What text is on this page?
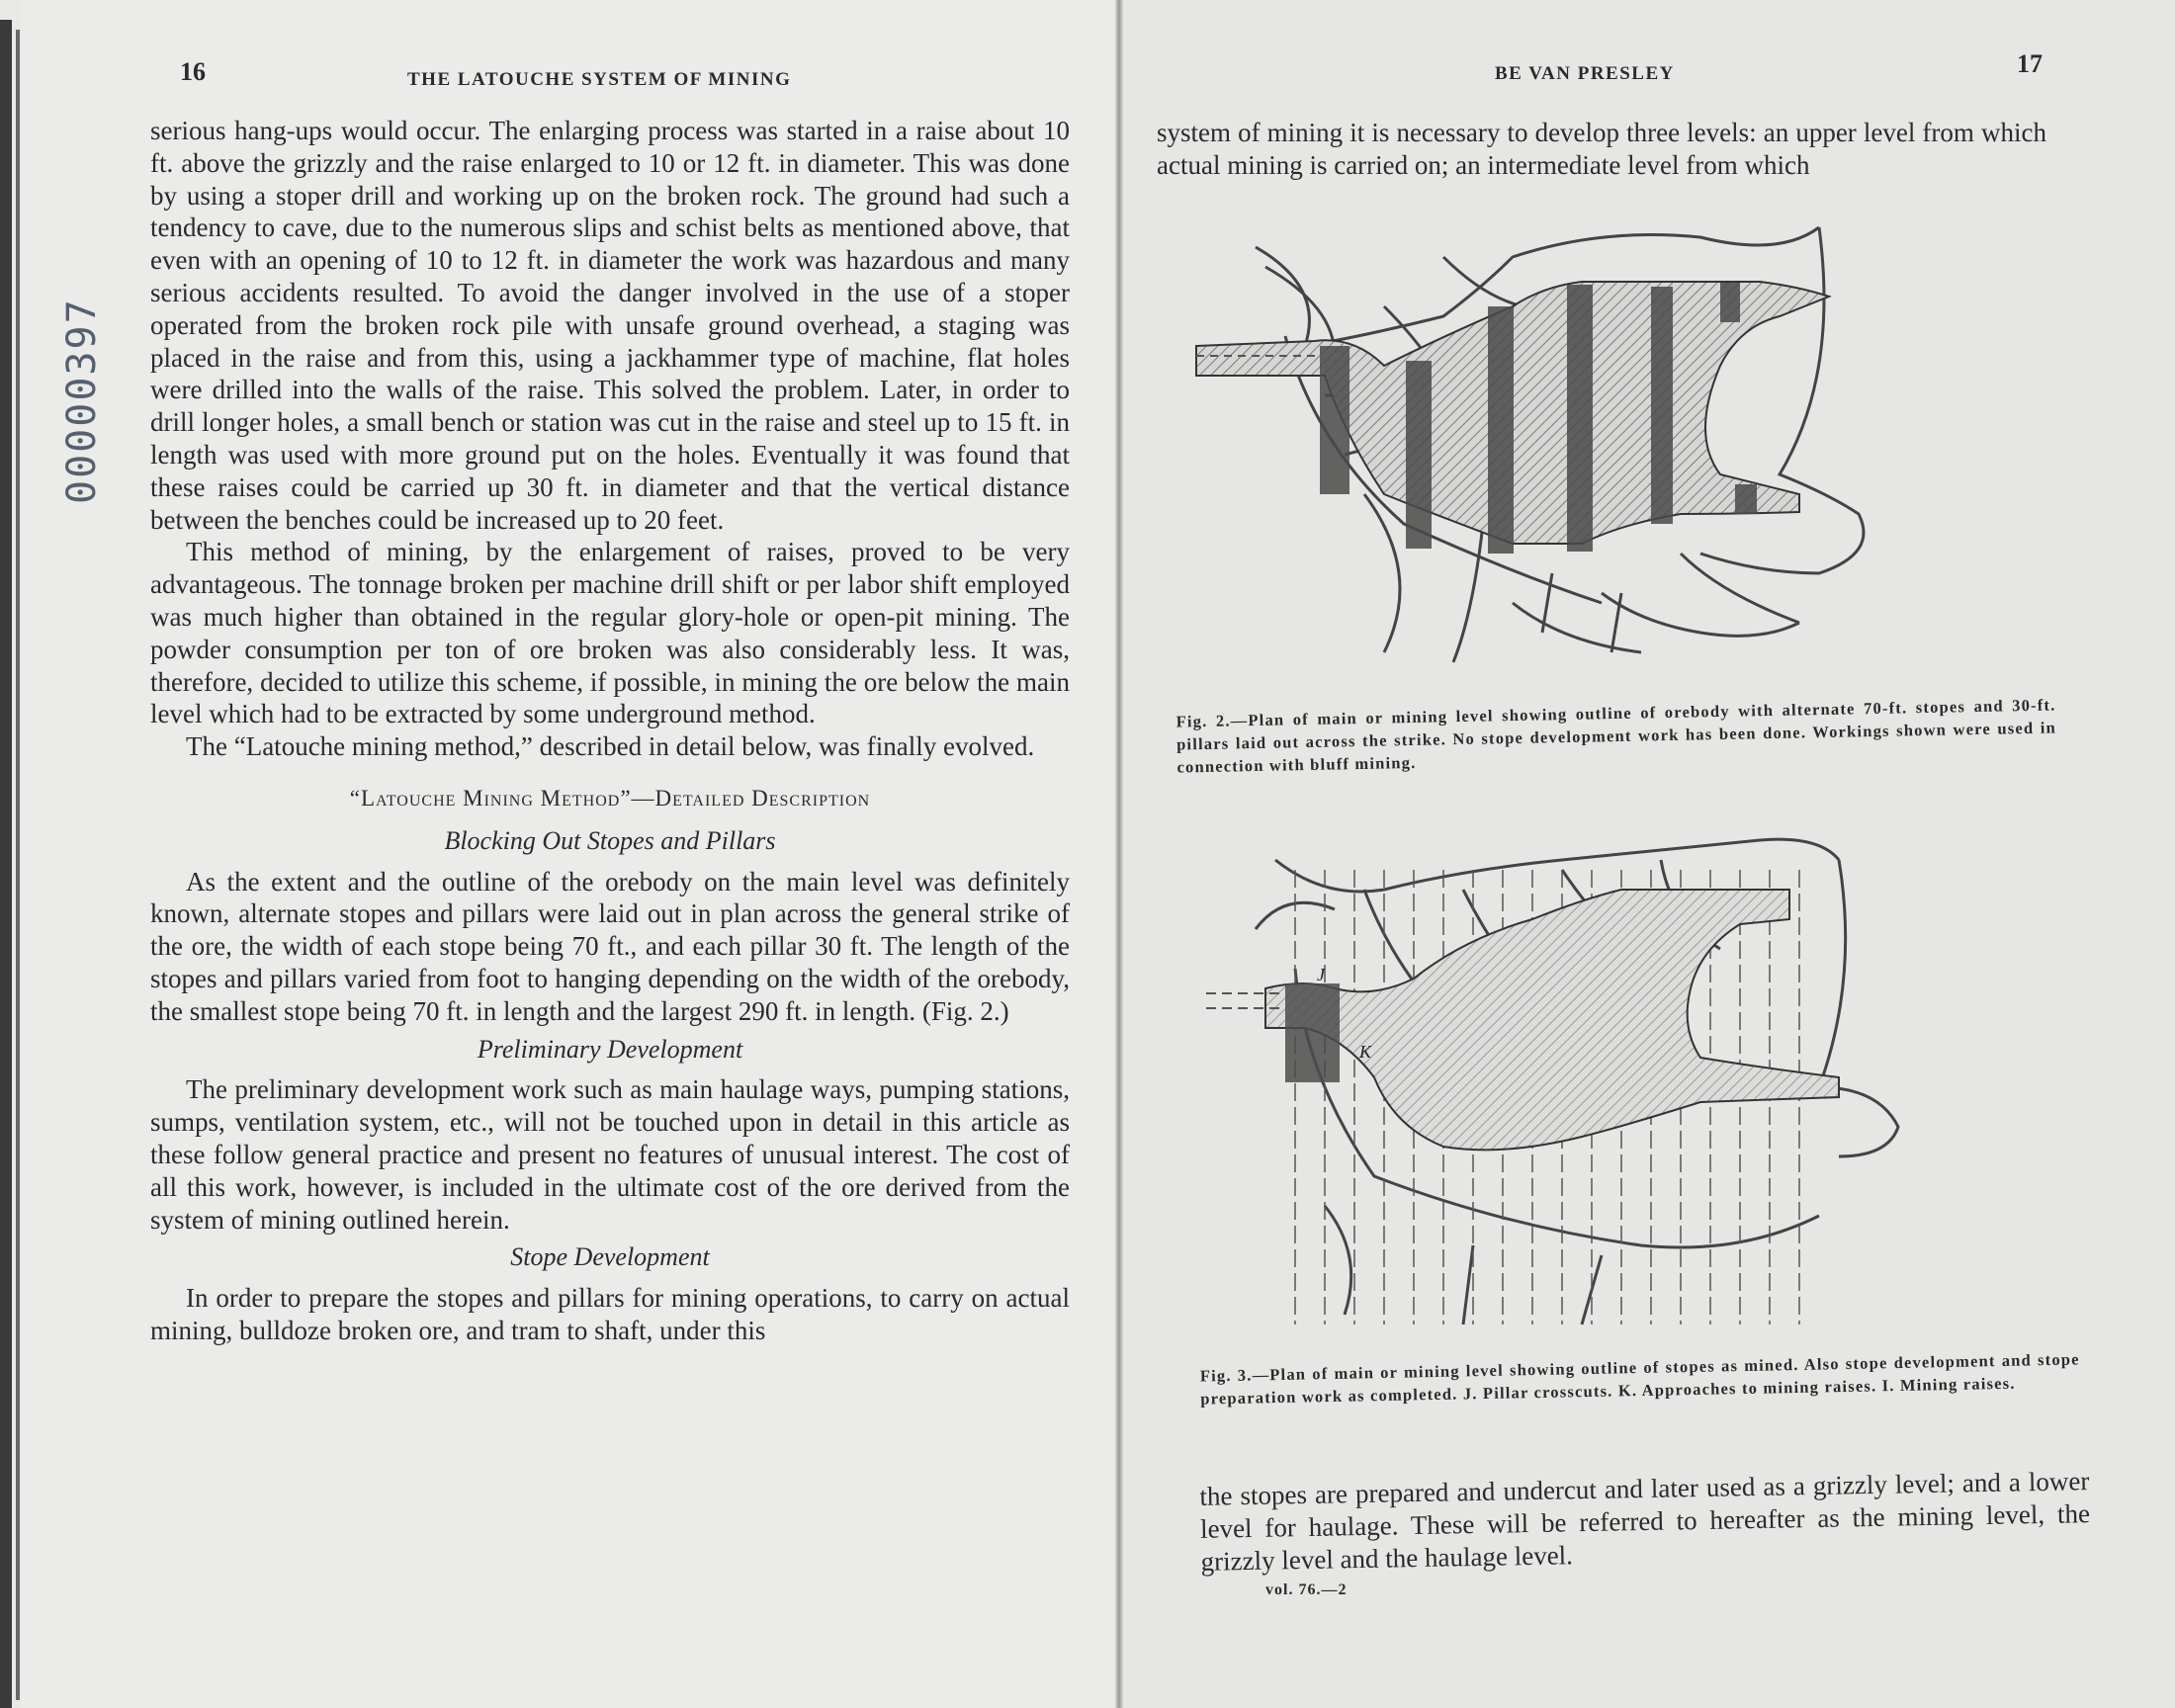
00000397
16	THE LATOUCHE SYSTEM OF MINING

serious hang-ups would occur. The enlarging process was started in a raise about 10 ft. above the grizzly and the raise enlarged to 10 or 12 ft. in diameter. This was done by using a stoper drill and working up on the broken rock. The ground had such a tendency to cave, due to the numerous slips and schist belts as mentioned above, that even with an opening of 10 to 12 ft. in diameter the work was hazardous and many serious accidents resulted. To avoid the danger involved in the use of a stoper operated from the broken rock pile with unsafe ground overhead, a staging was placed in the raise and from this, using a jackhammer type of machine, flat holes were drilled into the walls of the raise. This solved the problem. Later, in order to drill longer holes, a small bench or station was cut in the raise and steel up to 15 ft. in length was used with more ground put on the holes. Eventually it was found that these raises could be carried up 30 ft. in diameter and that the vertical distance between the benches could be increased up to 20 feet.

This method of mining, by the enlargement of raises, proved to be very advantageous. The tonnage broken per machine drill shift or per labor shift employed was much higher than obtained in the regular glory-hole or open-pit mining. The powder consumption per ton of ore broken was also considerably less. It was, therefore, decided to utilize this scheme, if possible, in mining the ore below the main level which had to be extracted by some underground method.

The “Latouche mining method,” described in detail below, was finally evolved.

“Latouche Mining Method”—Detailed Description
Blocking Out Stopes and Pillars

As the extent and the outline of the orebody on the main level was definitely known, alternate stopes and pillars were laid out in plan across the general strike of the ore, the width of each stope being 70 ft., and each pillar 30 ft. The length of the stopes and pillars varied from foot to hanging depending on the width of the orebody, the smallest stope being 70 ft. in length and the largest 290 ft. in length. (Fig. 2.)

Preliminary Development

The preliminary development work such as main haulage ways, pumping stations, sumps, ventilation system, etc., will not be touched upon in detail in this article as these follow general practice and present no features of unusual interest. The cost of all this work, however, is included in the ultimate cost of the ore derived from the system of mining outlined herein.

Stope Development

In order to prepare the stopes and pillars for mining operations, to carry on actual mining, bulldoze broken ore, and tram to shaft, under this

BE VAN PRESLEY	17
system of mining it is necessary to develop three levels: an upper level from which actual mining is carried on; an intermediate level from which
Fig. 2.—Plan of main or mining level showing outline of orebody with alternate 70-ft. stopes and 30-ft. pillars laid out across the strike. No stope development work has been done. Workings shown were used in connection with bluff mining.
J
K
Fig. 3.—Plan of main or mining level showing outline of stopes as mined. Also stope development and stope preparation work as completed. J. Pillar crosscuts. K. Approaches to mining raises. I. Mining raises.
the stopes are prepared and undercut and later used as a grizzly level; and a lower level for haulage. These will be referred to hereafter as the mining level, the grizzly level and the haulage level.
vol. 76.—2
